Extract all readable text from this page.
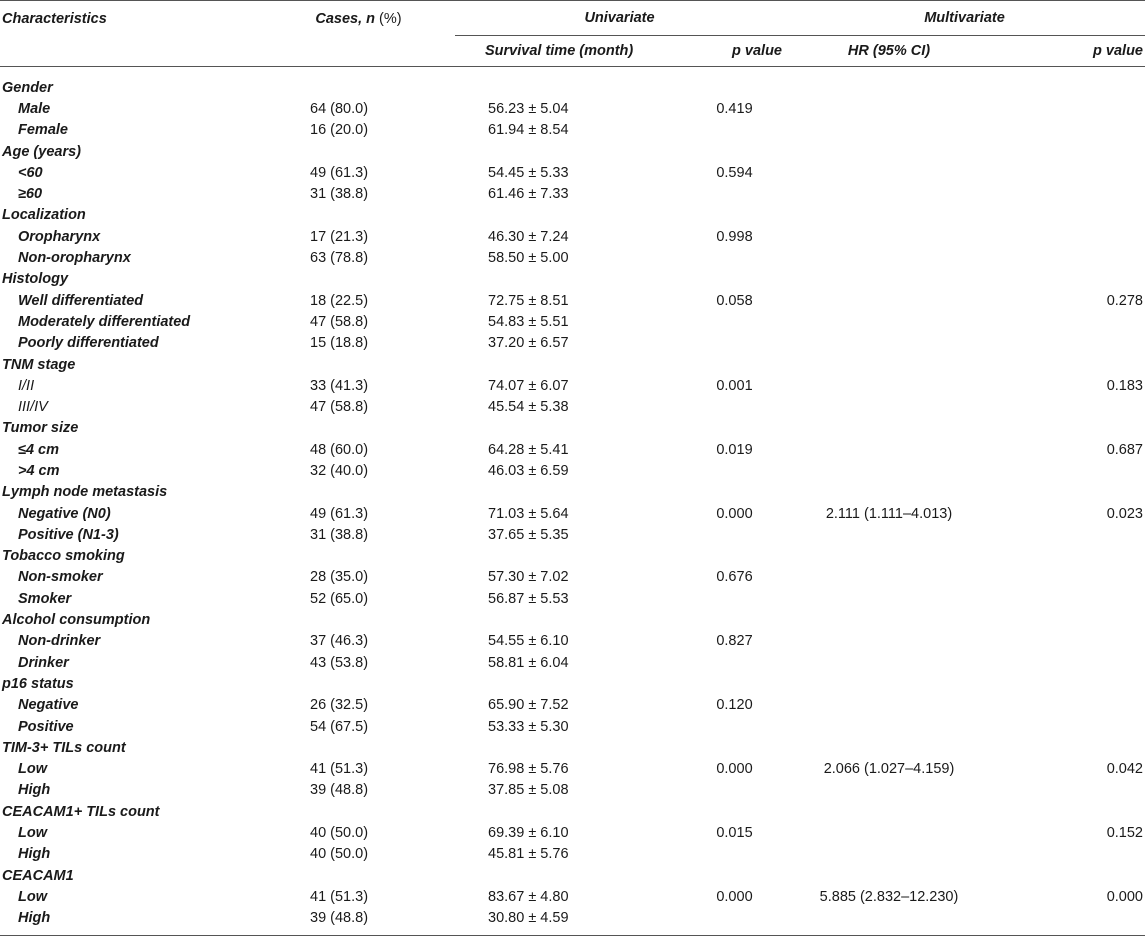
Characteristics	Cases, n (%)	Univariate		Multivariate	
		Survival time (month)	p value	HR (95% CI)	p value

Gender					
Male	64 (80.0)	56.23 ± 5.04	0.419		
Female	16 (20.0)	61.94 ± 8.54			
Age (years)					
<60	49 (61.3)	54.45 ± 5.33	0.594		
≥60	31 (38.8)	61.46 ± 7.33			
Localization					
Oropharynx	17 (21.3)	46.30 ± 7.24	0.998		
Non-oropharynx	63 (78.8)	58.50 ± 5.00			
Histology					
Well differentiated	18 (22.5)	72.75 ± 8.51	0.058		0.278
Moderately differentiated	47 (58.8)	54.83 ± 5.51			
Poorly differentiated	15 (18.8)	37.20 ± 6.57			
TNM stage					
I/II	33 (41.3)	74.07 ± 6.07	0.001		0.183
III/IV	47 (58.8)	45.54 ± 5.38			
Tumor size					
≤4 cm	48 (60.0)	64.28 ± 5.41	0.019		0.687
>4 cm	32 (40.0)	46.03 ± 6.59			
Lymph node metastasis					
Negative (N0)	49 (61.3)	71.03 ± 5.64	0.000	2.111 (1.111–4.013)	0.023
Positive (N1-3)	31 (38.8)	37.65 ± 5.35			
Tobacco smoking					
Non-smoker	28 (35.0)	57.30 ± 7.02	0.676		
Smoker	52 (65.0)	56.87 ± 5.53			
Alcohol consumption					
Non-drinker	37 (46.3)	54.55 ± 6.10	0.827		
Drinker	43 (53.8)	58.81 ± 6.04			
p16 status					
Negative	26 (32.5)	65.90 ± 7.52	0.120		
Positive	54 (67.5)	53.33 ± 5.30			
TIM-3+ TILs count					
Low	41 (51.3)	76.98 ± 5.76	0.000	2.066 (1.027–4.159)	0.042
High	39 (48.8)	37.85 ± 5.08			
CEACAM1+ TILs count					
Low	40 (50.0)	69.39 ± 6.10	0.015		0.152
High	40 (50.0)	45.81 ± 5.76			
CEACAM1					
Low	41 (51.3)	83.67 ± 4.80	0.000	5.885 (2.832–12.230)	0.000
High	39 (48.8)	30.80 ± 4.59			
